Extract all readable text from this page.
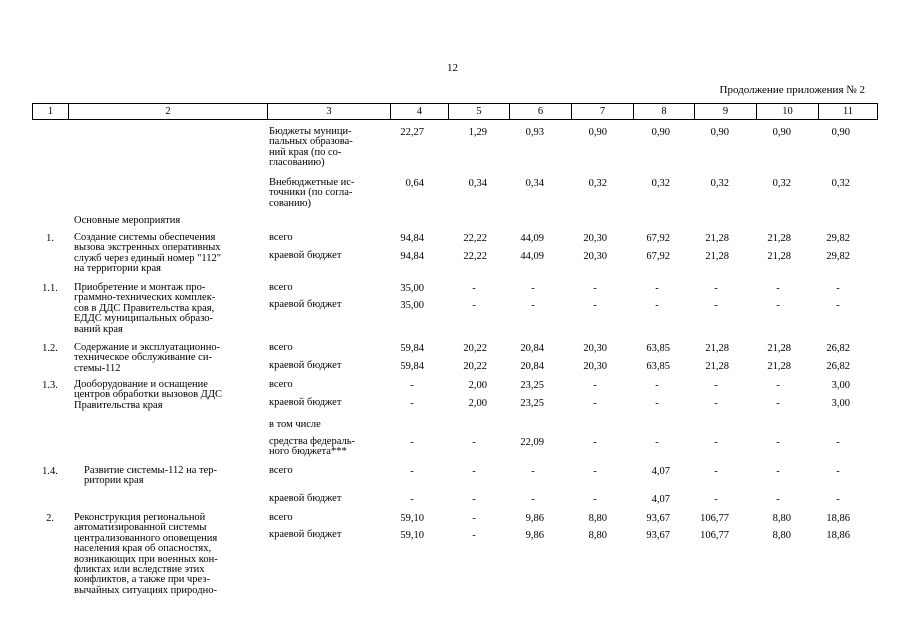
12
Продолжение приложения № 2
1	2	3	4	5	6	7	8	9	10	11
Бюджеты муници-
пальных образова-
ний края (по со-
гласованию)
22,27	1,29	0,93	0,90	0,90	0,90	0,90	0,90
Внебюджетные ис-
точники (по согла-
сованию)
0,64	0,34	0,34	0,32	0,32	0,32	0,32	0,32
Основные мероприятия
1.	Создание системы обеспечения
вызова экстренных оперативных
служб через единый номер "112"
на территории края
всего	94,84	22,22	44,09	20,30	67,92	21,28	21,28	29,82
краевой бюджет	94,84	22,22	44,09	20,30	67,92	21,28	21,28	29,82
1.1.	Приобретение и монтаж про-
граммно-технических комплек-
сов в ДДС Правительства края,
ЕДДС муниципальных образо-
ваний края
всего	35,00	-	-	-	-	-	-	-
краевой бюджет	35,00	-	-	-	-	-	-	-
1.2.	Содержание и эксплуатационно-
техническое обслуживание си-
стемы-112
всего	59,84	20,22	20,84	20,30	63,85	21,28	21,28	26,82
краевой бюджет	59,84	20,22	20,84	20,30	63,85	21,28	21,28	26,82
1.3.	Дооборудование и оснащение
центров обработки вызовов ДДС
Правительства края
всего	-	2,00	23,25	-	-	-	-	3,00
краевой бюджет	-	2,00	23,25	-	-	-	-	3,00
в том числе
средства федераль-
ного бюджета***
-	-	22,09	-	-	-	-	-
1.4.	Развитие системы-112 на тер-
ритории края
всего	-	-	-	-	4,07	-	-	-
краевой бюджет	-	-	-	-	4,07	-	-	-
2.	Реконструкция региональной
автоматизированной системы
централизованного оповещения
населения края об опасностях,
возникающих при военных кон-
фликтах или вследствие этих
конфликтов, а также при чрез-
вычайных ситуациях природно-
всего	59,10	-	9,86	8,80	93,67	106,77	8,80	18,86
краевой бюджет	59,10	-	9,86	8,80	93,67	106,77	8,80	18,86
